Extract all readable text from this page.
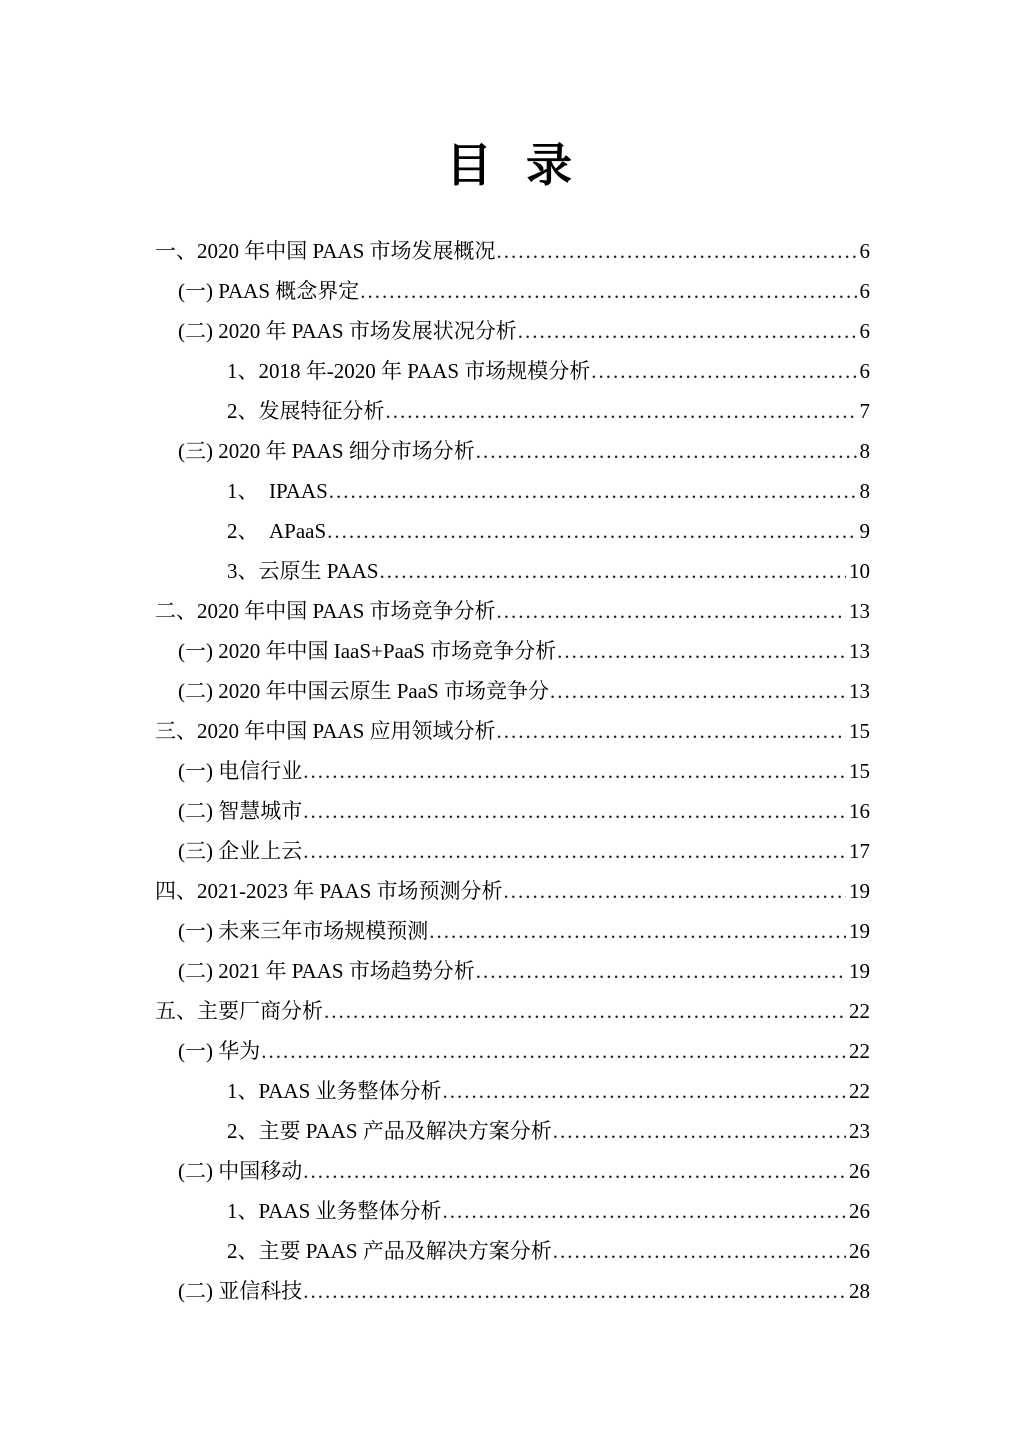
目 录
一、2020 年中国 PAAS 市场发展概况 .....	6
(一) PAAS 概念界定 .....	6
(二) 2020 年 PAAS 市场发展状况分析 .....	6
1、2018 年-2020 年 PAAS 市场规模分析 .....	6
2、发展特征分析 .....	7
(三) 2020 年 PAAS 细分市场分析 .....	8
1、　IPAAS .....	8
2、　APaaS .....	9
3、云原生 PAAS .....	10
二、2020 年中国 PAAS 市场竞争分析 .....	13
(一) 2020 年中国 IaaS+PaaS 市场竞争分析 .....	13
(二) 2020 年中国云原生 PaaS 市场竞争分 .....	13
三、2020 年中国 PAAS 应用领域分析 .....	15
(一) 电信行业 .....	15
(二) 智慧城市 .....	16
(三) 企业上云 .....	17
四、2021-2023 年 PAAS 市场预测分析 .....	19
(一) 未来三年市场规模预测 .....	19
(二) 2021 年 PAAS 市场趋势分析 .....	19
五、主要厂商分析 .....	22
(一) 华为 .....	22
1、PAAS 业务整体分析 .....	22
2、主要 PAAS 产品及解决方案分析 .....	23
(二) 中国移动 .....	26
1、PAAS 业务整体分析 .....	26
2、主要 PAAS 产品及解决方案分析 .....	26
(二) 亚信科技 .....	28
